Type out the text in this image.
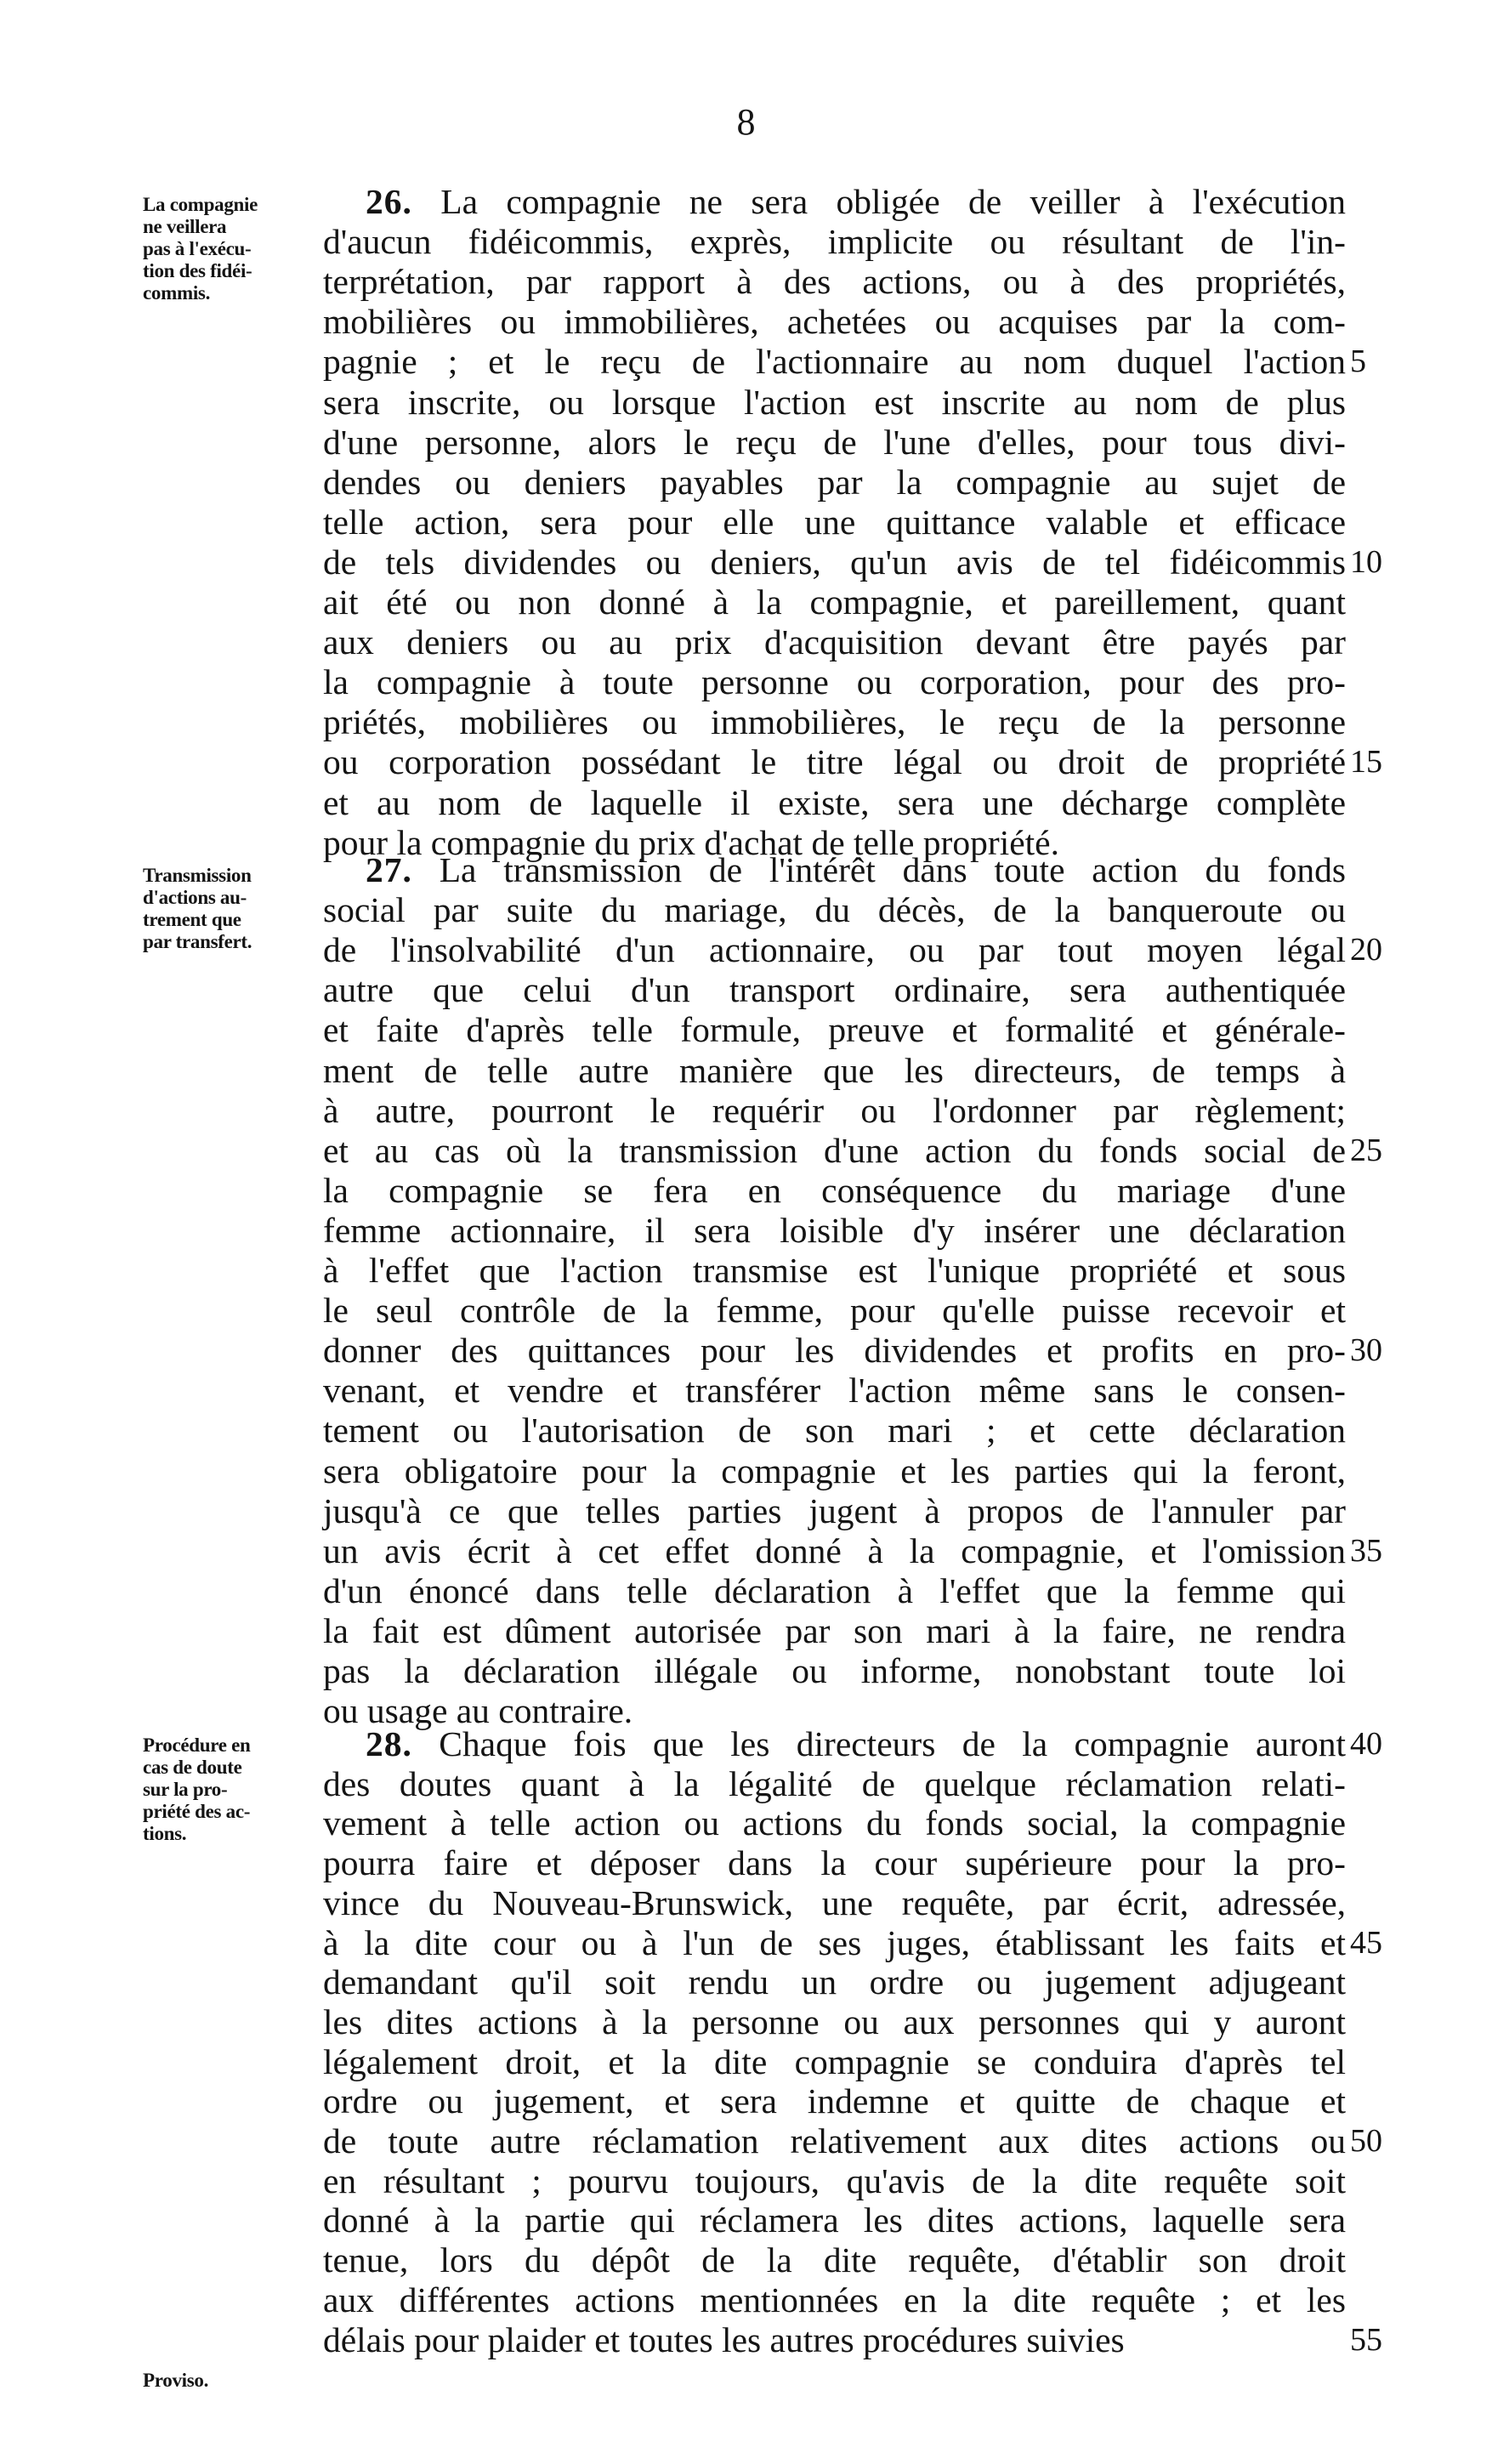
8
La compagnie
ne veillera
pas à l'exécu-
tion des fidéi-
commis.
26. La compagnie ne sera obligée de veiller à l'exécution
d'aucun fidéicommis, exprès, implicite ou résultant de l'in-
terprétation, par rapport à des actions, ou à des propriétés,
mobilières ou immobilières, achetées ou acquises par la com-
pagnie ; et le reçu de l'actionnaire au nom duquel l'action
sera inscrite, ou lorsque l'action est inscrite au nom de plus
d'une personne, alors le reçu de l'une d'elles, pour tous divi-
dendes ou deniers payables par la compagnie au sujet de
telle action, sera pour elle une quittance valable et efficace
de tels dividendes ou deniers, qu'un avis de tel fidéicommis
ait été ou non donné à la compagnie, et pareillement, quant
aux deniers ou au prix d'acquisition devant être payés par
la compagnie à toute personne ou corporation, pour des pro-
priétés, mobilières ou immobilières, le reçu de la personne
ou corporation possédant le titre légal ou droit de propriété
et au nom de laquelle il existe, sera une décharge complète
pour la compagnie du prix d'achat de telle propriété.
5
10
15
Transmission
d'actions au-
trement que
par transfert.
27. La transmission de l'intérêt dans toute action du fonds
social par suite du mariage, du décès, de la banqueroute ou
de l'insolvabilité d'un actionnaire, ou par tout moyen légal
autre que celui d'un transport ordinaire, sera authentiquée
et faite d'après telle formule, preuve et formalité et générale-
ment de telle autre manière que les directeurs, de temps à
à autre, pourront le requérir ou l'ordonner par règlement;
et au cas où la transmission d'une action du fonds social de
la compagnie se fera en conséquence du mariage d'une
femme actionnaire, il sera loisible d'y insérer une déclaration
à l'effet que l'action transmise est l'unique propriété et sous
le seul contrôle de la femme, pour qu'elle puisse recevoir et
donner des quittances pour les dividendes et profits en pro-
venant, et vendre et transférer l'action même sans le consen-
tement ou l'autorisation de son mari ; et cette déclaration
sera obligatoire pour la compagnie et les parties qui la feront,
jusqu'à ce que telles parties jugent à propos de l'annuler par
un avis écrit à cet effet donné à la compagnie, et l'omission
d'un énoncé dans telle déclaration à l'effet que la femme qui
la fait est dûment autorisée par son mari à la faire, ne rendra
pas la déclaration illégale ou informe, nonobstant toute loi
ou usage au contraire.
20
25
30
35
Procédure en
cas de doute
sur la pro-
priété des ac-
tions.
Proviso.
28. Chaque fois que les directeurs de la compagnie auront
des doutes quant à la légalité de quelque réclamation relati-
vement à telle action ou actions du fonds social, la compagnie
pourra faire et déposer dans la cour supérieure pour la pro-
vince du Nouveau-Brunswick, une requête, par écrit, adressée,
à la dite cour ou à l'un de ses juges, établissant les faits et
demandant qu'il soit rendu un ordre ou jugement adjugeant
les dites actions à la personne ou aux personnes qui y auront
légalement droit, et la dite compagnie se conduira d'après tel
ordre ou jugement, et sera indemne et quitte de chaque et
de toute autre réclamation relativement aux dites actions ou
en résultant ; pourvu toujours, qu'avis de la dite requête soit
donné à la partie qui réclamera les dites actions, laquelle sera
tenue, lors du dépôt de la dite requête, d'établir son droit
aux différentes actions mentionnées en la dite requête ; et les
délais pour plaider et toutes les autres procédures suivies
40
45
50
55
